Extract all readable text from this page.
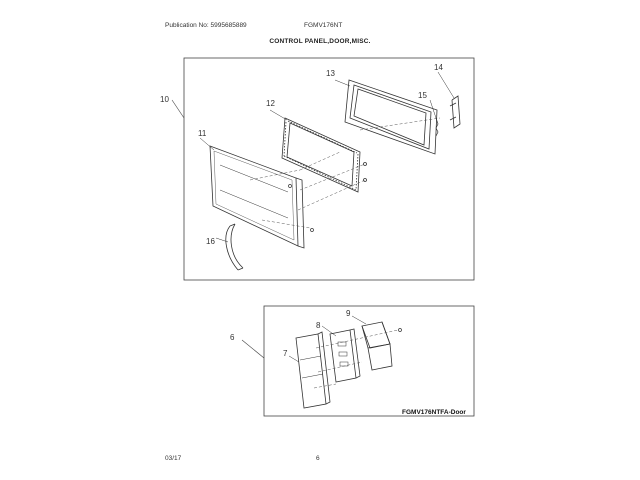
Publication No: 5995685889	FGMV176NT
CONTROL PANEL,DOOR,MISC.
10
11
12
13
14
15
16
6
7
8
9
FGMV176NTFA-Door
03/17	6
